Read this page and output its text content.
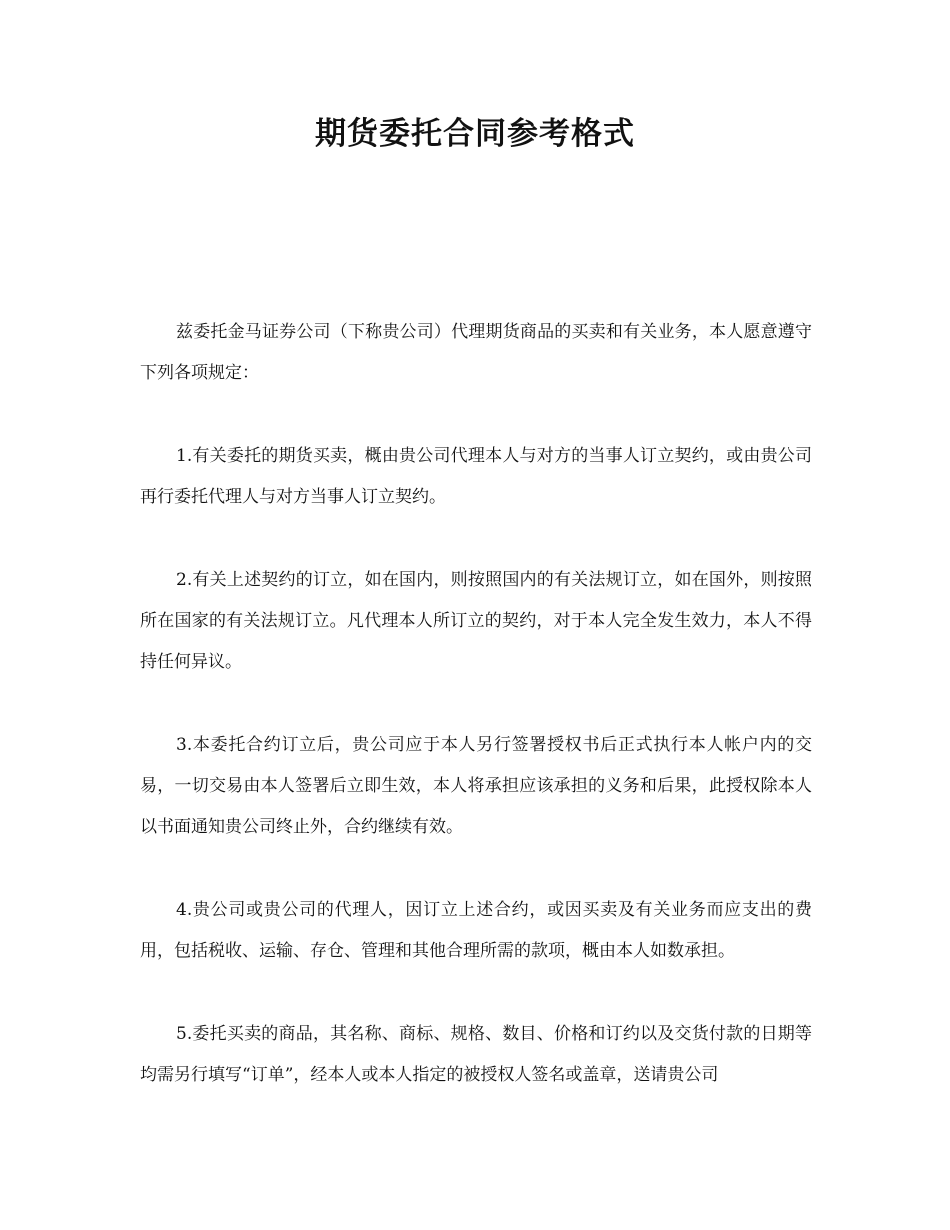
期货委托合同参考格式

兹委托金马证券公司（下称贵公司）代理期货商品的买卖和有关业务，本人愿意遵守下列各项规定：

1.有关委托的期货买卖，概由贵公司代理本人与对方的当事人订立契约，或由贵公司再行委托代理人与对方当事人订立契约。

2.有关上述契约的订立，如在国内，则按照国内的有关法规订立，如在国外，则按照所在国家的有关法规订立。凡代理本人所订立的契约，对于本人完全发生效力，本人不得持任何异议。

3.本委托合约订立后，贵公司应于本人另行签署授权书后正式执行本人帐户内的交易，一切交易由本人签署后立即生效，本人将承担应该承担的义务和后果，此授权除本人以书面通知贵公司终止外，合约继续有效。

4.贵公司或贵公司的代理人，因订立上述合约，或因买卖及有关业务而应支出的费用，包括税收、运输、存仓、管理和其他合理所需的款项，概由本人如数承担。

5.委托买卖的商品，其名称、商标、规格、数目、价格和订约以及交货付款的日期等均需另行填写“订单”，经本人或本人指定的被授权人签名或盖章，送请贵公司
